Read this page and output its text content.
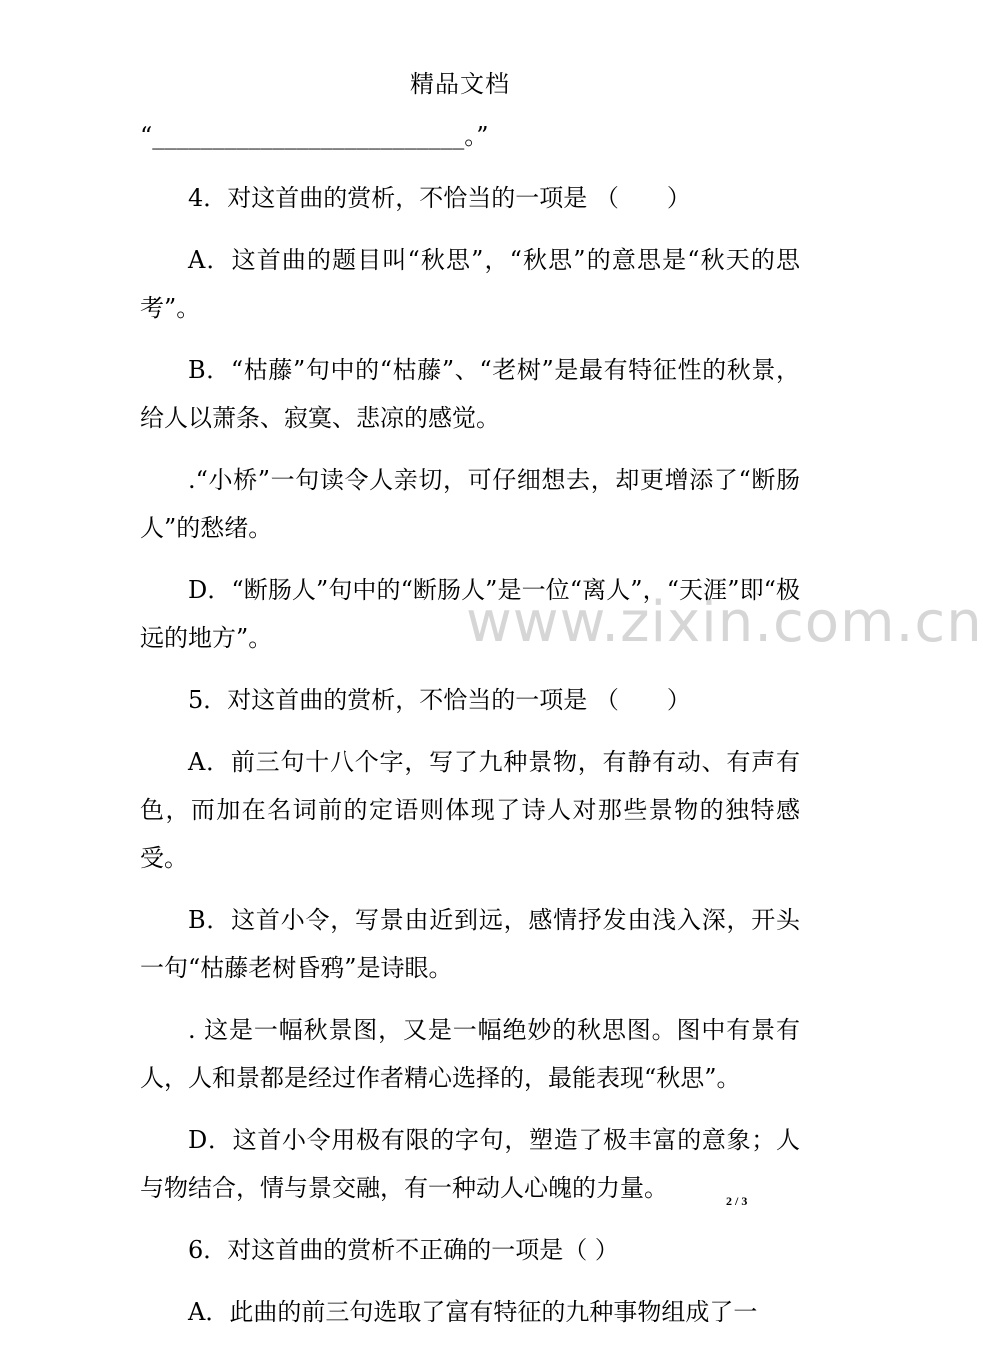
精品文档
www.zixin.com.cn

“__________________________。”

4．对这首曲的赏析，不恰当的一项是 （　　）

A．这首曲的题目叫“秋思”，“秋思”的意思是“秋天的思考”。

B．“枯藤”句中的“枯藤”、“老树”是最有特征性的秋景，给人以萧条、寂寞、悲凉的感觉。

.“小桥”一句读令人亲切，可仔细想去，却更增添了“断肠人”的愁绪。

D．“断肠人”句中的“断肠人”是一位“离人”，“天涯”即“极远的地方”。

5．对这首曲的赏析，不恰当的一项是 （　　）

A．前三句十八个字，写了九种景物，有静有动、有声有色，而加在名词前的定语则体现了诗人对那些景物的独特感受。

B．这首小令，写景由近到远，感情抒发由浅入深，开头一句“枯藤老树昏鸦”是诗眼。

. 这是一幅秋景图，又是一幅绝妙的秋思图。图中有景有人，人和景都是经过作者精心选择的，最能表现“秋思”。

D．这首小令用极有限的字句，塑造了极丰富的意象；人与物结合，情与景交融，有一种动人心魄的力量。

6．对这首曲的赏析不正确的一项是（ ）

A．此曲的前三句选取了富有特征的九种事物组成了一

2 / 3
